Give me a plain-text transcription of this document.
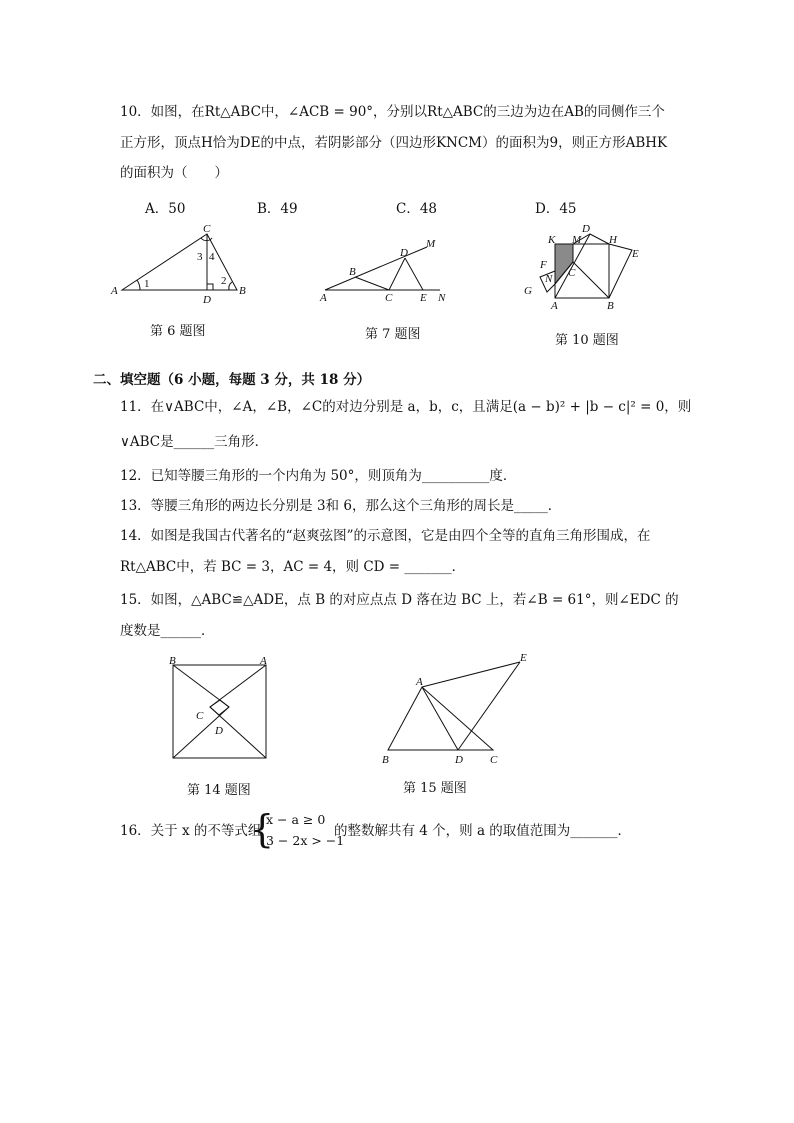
10．如图，在Rt△ABC中，∠ACB = 90°，分别以Rt△ABC的三边为边在AB的同侧作三个
正方形，顶点H恰为DE的中点，若阴影部分（四边形KNCM）的面积为9，则正方形ABHK
的面积为（　　）
A．50	B．49	C．48	D．45
C
A	B
D
1	2
3 4
第 6 题图
A
B
C
D
E
M
N
第 7 题图
K M
D
H
E
F
N C
G
A	B
第 10 题图
二、填空题（6 小题，每题 3 分，共 18 分）
11．在∨ABC中，∠A，∠B，∠C的对边分别是 a，b，c，且满足(a − b)² + |b − c|² = 0，则
∨ABC是______三角形．
12．已知等腰三角形的一个内角为 50°，则顶角为__________度．
13．等腰三角形的两边长分别是 3和 6，那么这个三角形的周长是_____．
14．如图是我国古代著名的“赵爽弦图”的示意图，它是由四个全等的直角三角形围成，在
Rt△ABC中，若 BC = 3，AC = 4，则 CD = _______．
15．如图，△ABC≌△ADE，点 B 的对应点点 D 落在边 BC 上，若∠B = 61°，则∠EDC 的
度数是______．
B	A
C
D
第 14 题图
A
E
B	D C
第 15 题图
16．关于 x 的不等式组
{
x − a ≥ 0
3 − 2x > −1
的整数解共有 4 个，则 a 的取值范围为_______．
